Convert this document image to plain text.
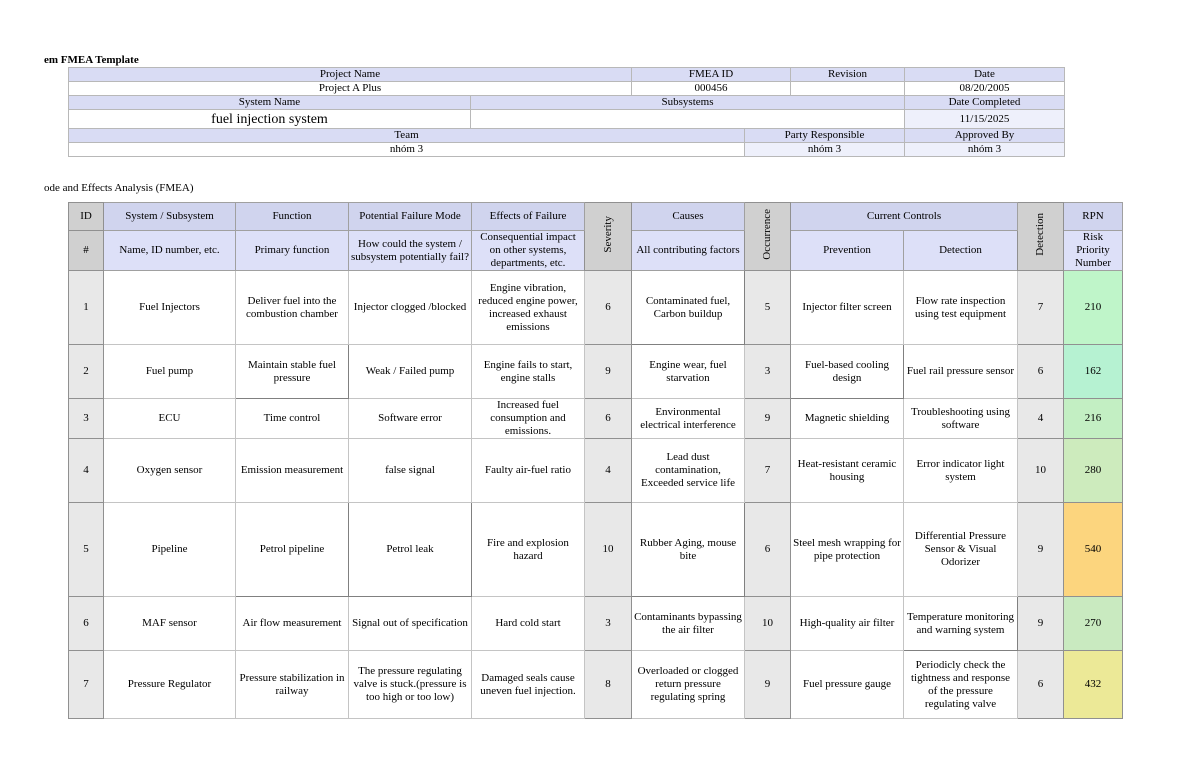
em FMEA Template
Project Name		FMEA ID		Revision	Date
Project A Plus		000456			08/20/2005
System Name	Subsystems				Date Completed
fuel injection system					11/15/2025
Team			Party Responsible		Approved By
nhóm 3			nhóm 3		nhóm 3
ode and Effects Analysis (FMEA)
ID	System / Subsystem	Function	Potential Failure Mode	Effects of Failure	Severity	Causes	Occurrence	Current Controls		Detection	RPN
#	Name, ID number, etc.	Primary function	How could the system / subsystem potentially fail?	Consequential impact on other systems, departments, etc.		All contributing factors		Prevention	Detection		Risk Priority Number
1	Fuel Injectors	Deliver fuel into the combustion chamber	Injector clogged /blocked	Engine vibration, reduced engine power, increased exhaust emissions	6	Contaminated fuel, Carbon buildup	5	Injector filter screen	Flow rate inspection using test equipment	7	210
2	Fuel pump	Maintain stable fuel pressure	Weak / Failed pump	Engine fails to start, engine stalls	9	Engine wear, fuel starvation	3	Fuel-based cooling design	Fuel rail pressure sensor	6	162
3	ECU	Time control	Software error	Increased fuel consumption and emissions.	6	Environmental electrical interference	9	Magnetic shielding	Troubleshooting using software	4	216
4	Oxygen sensor	Emission measurement	false signal	Faulty air-fuel ratio	4	Lead dust contamination, Exceeded service life	7	Heat-resistant ceramic housing	Error indicator light system	10	280
5	Pipeline	Petrol pipeline	Petrol leak	Fire and explosion hazard	10	Rubber Aging, mouse bite	6	Steel mesh wrapping for pipe protection	Differential Pressure Sensor & Visual Odorizer	9	540
6	MAF sensor	Air flow measurement	Signal out of specification	Hard cold start	3	Contaminants bypassing the air filter	10	High-quality air filter	Temperature monitoring and warning system	9	270
7	Pressure Regulator	Pressure stabilization in railway	The pressure regulating valve is stuck.(pressure is too high or too low)	Damaged seals cause uneven fuel injection.	8	Overloaded or clogged return pressure regulating spring	9	Fuel pressure gauge	Periodicly check the tightness and response of the pressure regulating valve	6	432
